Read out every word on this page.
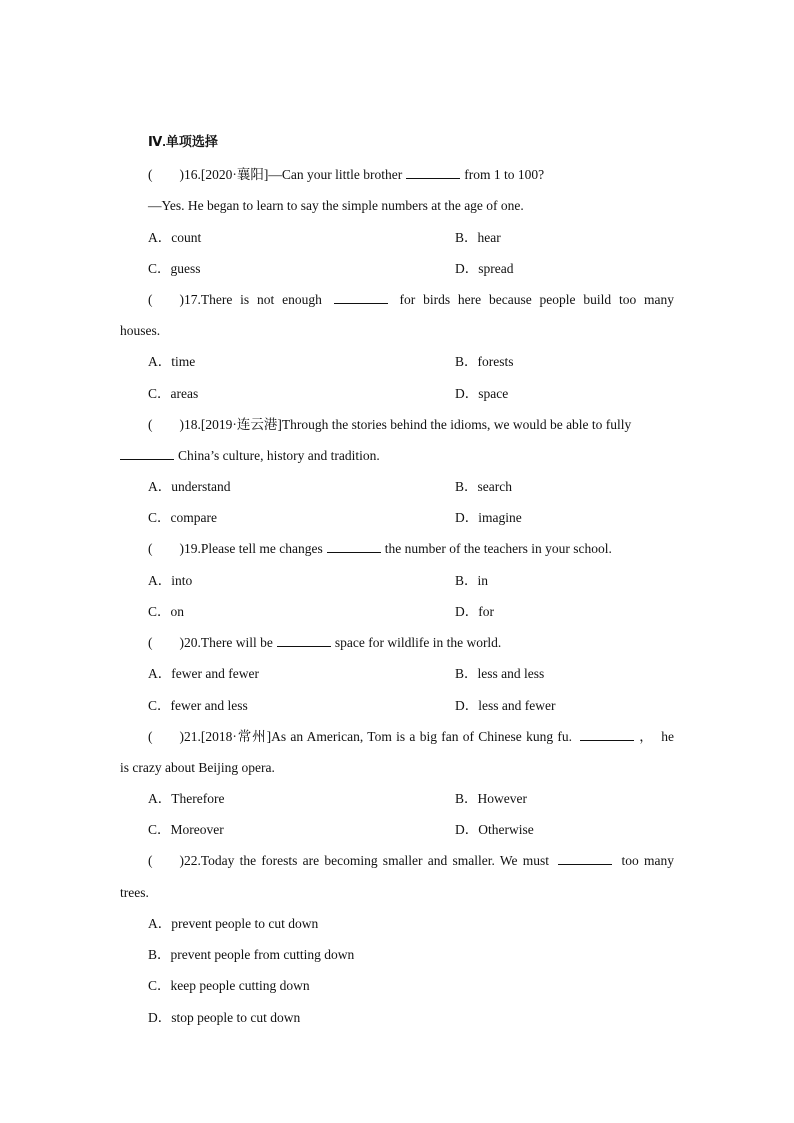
Ⅳ.单项选择
(　　)16.[2020·襄阳]—Can your little brother	from 1 to 100?
—Yes. He began to learn to say the simple numbers at the age of one.
A．count	B．hear
C．guess	D．spread
(　　)17.There is not enough	for birds here because people build too many
houses.
A．time	B．forests
C．areas	D．space
(　　)18.[2019·连云港]Through the stories behind the idioms, we would be able to fully
China’s culture, history and tradition.
A．understand	B．search
C．compare	D．imagine
(　　)19.Please tell me changes	the number of the teachers in your school.
A．into	B．in
C．on	D．for
(　　)20.There will be	space for wildlife in the world.
A．fewer and fewer	B．less and less
C．fewer and less	D．less and fewer
(　　)21.[2018·常州]As an American, Tom is a big fan of Chinese kung fu.	，　he
is crazy about Beijing opera.
A．Therefore	B．However
C．Moreover	D．Otherwise
(　　)22.Today the forests are becoming smaller and smaller. We must	too many
trees.
A．prevent people to cut down
B．prevent people from cutting down
C．keep people cutting down
D．stop people to cut down
